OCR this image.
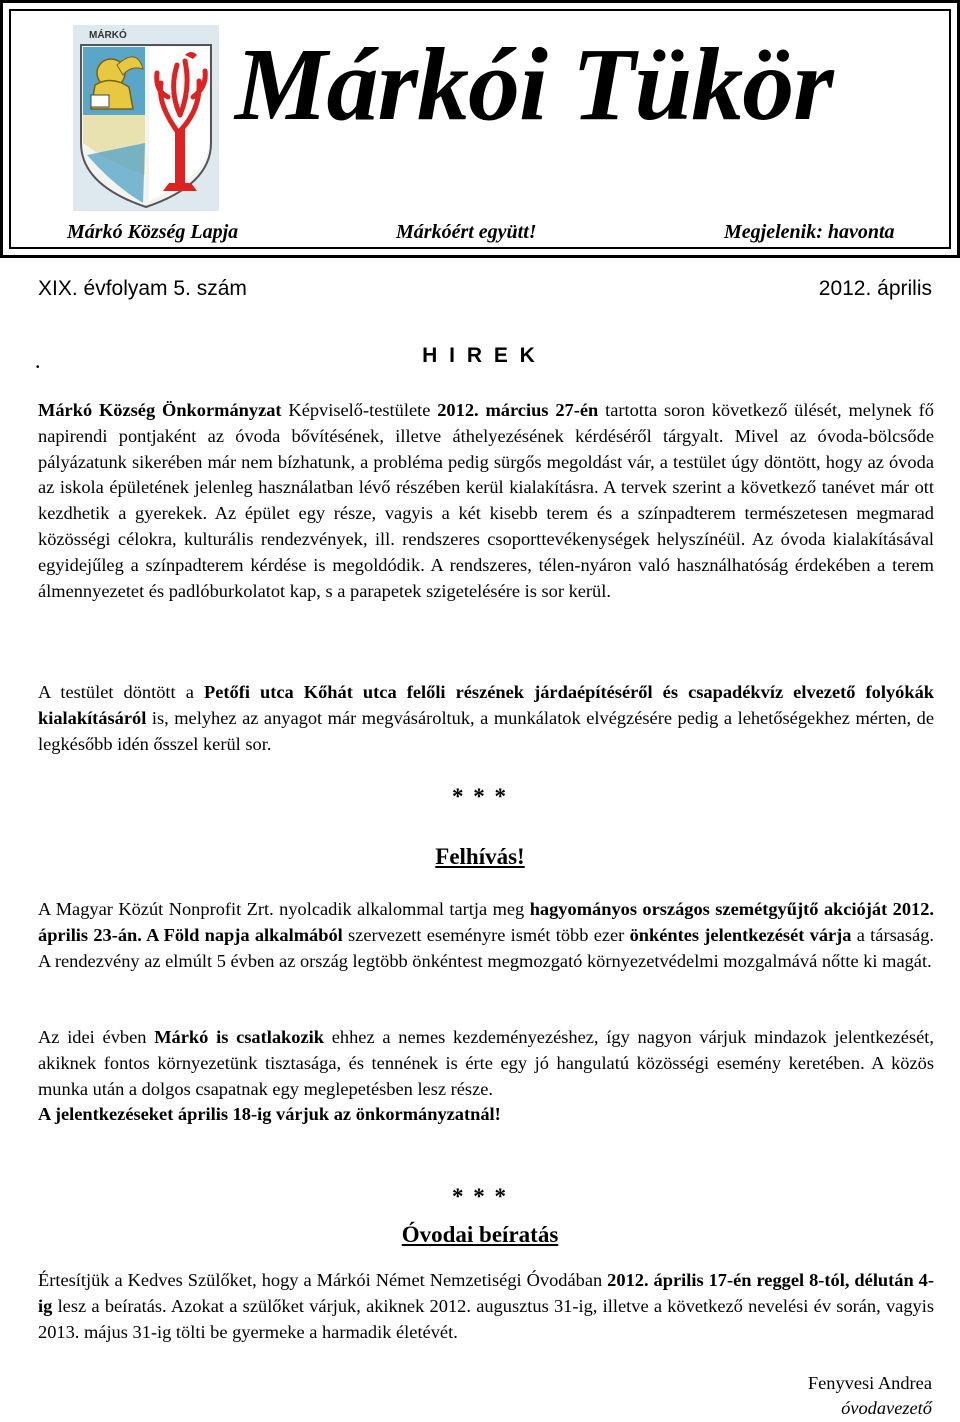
MÁRKÓ Márkói Tükör
Márkó Község Lapja	Márkóért együtt!	Megjelenik: havonta
XIX. évfolyam 5. szám	2012. április
•
H I R E K
Márkó Község Önkormányzat Képviselő-testülete 2012. március 27-én tartotta soron következő ülését, melynek fő napirendi pontjaként az óvoda bővítésének, illetve áthelyezésének kérdéséről tárgyalt. Mivel az óvoda-bölcsőde pályázatunk sikerében már nem bízhatunk, a probléma pedig sürgős megoldást vár, a testület úgy döntött, hogy az óvoda az iskola épületének jelenleg használatban lévő részében kerül kialakításra. A tervek szerint a következő tanévet már ott kezdhetik a gyerekek. Az épület egy része, vagyis a két kisebb terem és a színpadterem természetesen megmarad közösségi célokra, kulturális rendezvények, ill. rendszeres csoporttevékenységek helyszínéül. Az óvoda kialakításával egyidejűleg a színpadterem kérdése is megoldódik. A rendszeres, télen-nyáron való használhatóság érdekében a terem álmennyezetet és padlóburkolatot kap, s a parapetek szigetelésére is sor kerül.
A testület döntött a Petőfi utca Kőhát utca felőli részének járdaépítéséről és csapadékvíz elvezető folyókák kialakításáról is, melyhez az anyagot már megvásároltuk, a munkálatok elvégzésére pedig a lehetőségekhez mérten, de legkésőbb idén ősszel kerül sor.
* * *
Felhívás!
A Magyar Közút Nonprofit Zrt. nyolcadik alkalommal tartja meg hagyományos országos szemétgyűjtő akcióját 2012. április 23-án. A Föld napja alkalmából szervezett eseményre ismét több ezer önkéntes jelentkezését várja a társaság. A rendezvény az elmúlt 5 évben az ország legtöbb önkéntest megmozgató környezetvédelmi mozgalmává nőtte ki magát.
Az idei évben Márkó is csatlakozik ehhez a nemes kezdeményezéshez, így nagyon várjuk mindazok jelentkezését, akiknek fontos környezetünk tisztasága, és tennének is érte egy jó hangulatú közösségi esemény keretében. A közös munka után a dolgos csapatnak egy meglepetésben lesz része.
A jelentkezéseket április 18-ig várjuk az önkormányzatnál!
* * *
Óvodai beíratás
Értesítjük a Kedves Szülőket, hogy a Márkói Német Nemzetiségi Óvodában 2012. április 17-én reggel 8-tól, délután 4-ig lesz a beíratás. Azokat a szülőket várjuk, akiknek 2012. augusztus 31-ig, illetve a következő nevelési év során, vagyis 2013. május 31-ig tölti be gyermeke a harmadik életévét.
Fenyvesi Andrea
óvodavezető
